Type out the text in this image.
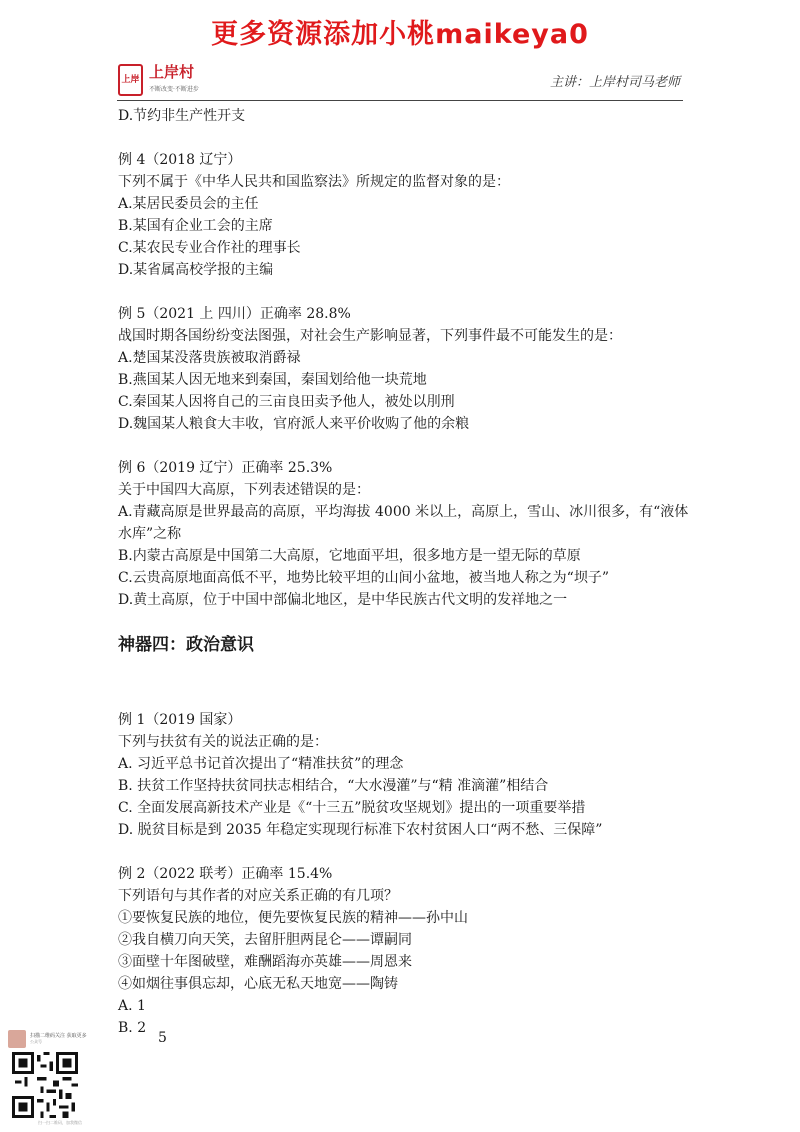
更多资源添加小桃maikeya0
上岸 上岸村
不断改变·不断进步	主讲：上岸村司马老师
D.节约非生产性开支
例 4（2018 辽宁）
下列不属于《中华人民共和国监察法》所规定的监督对象的是：
A.某居民委员会的主任
B.某国有企业工会的主席
C.某农民专业合作社的理事长
D.某省属高校学报的主编
例 5（2021 上 四川）正确率 28.8%
战国时期各国纷纷变法图强，对社会生产影响显著，下列事件最不可能发生的是：
A.楚国某没落贵族被取消爵禄
B.燕国某人因无地来到秦国，秦国划给他一块荒地
C.秦国某人因将自己的三亩良田卖予他人，被处以刖刑
D.魏国某人粮食大丰收，官府派人来平价收购了他的余粮
例 6（2019 辽宁）正确率 25.3%
关于中国四大高原，下列表述错误的是：
A.青藏高原是世界最高的高原，平均海拔 4000 米以上，高原上，雪山、冰川很多，有“液体
水库”之称
B.内蒙古高原是中国第二大高原，它地面平坦，很多地方是一望无际的草原
C.云贵高原地面高低不平，地势比较平坦的山间小盆地，被当地人称之为“坝子”
D.黄土高原，位于中国中部偏北地区，是中华民族古代文明的发祥地之一
神器四：政治意识
例 1（2019 国家）
下列与扶贫有关的说法正确的是：
A. 习近平总书记首次提出了“精准扶贫”的理念
B. 扶贫工作坚持扶贫同扶志相结合，“大水漫灌”与“精 准滴灌”相结合
C. 全面发展高新技术产业是《“十三五”脱贫攻坚规划》提出的一项重要举措
D. 脱贫目标是到 2035 年稳定实现现行标准下农村贫困人口“两不愁、三保障”
例 2（2022 联考）正确率 15.4%
下列语句与其作者的对应关系正确的有几项？
①要恢复民族的地位，便先要恢复民族的精神——孙中山
②我自横刀向天笑，去留肝胆两昆仑——谭嗣同
③面壁十年图破壁，难酬蹈海亦英雄——周恩来
④如烟往事俱忘却，心底无私天地宽——陶铸
A. 1
B. 2
5
扫描二维码关注 获取更多
公众号
扫一扫二维码，加我微信
